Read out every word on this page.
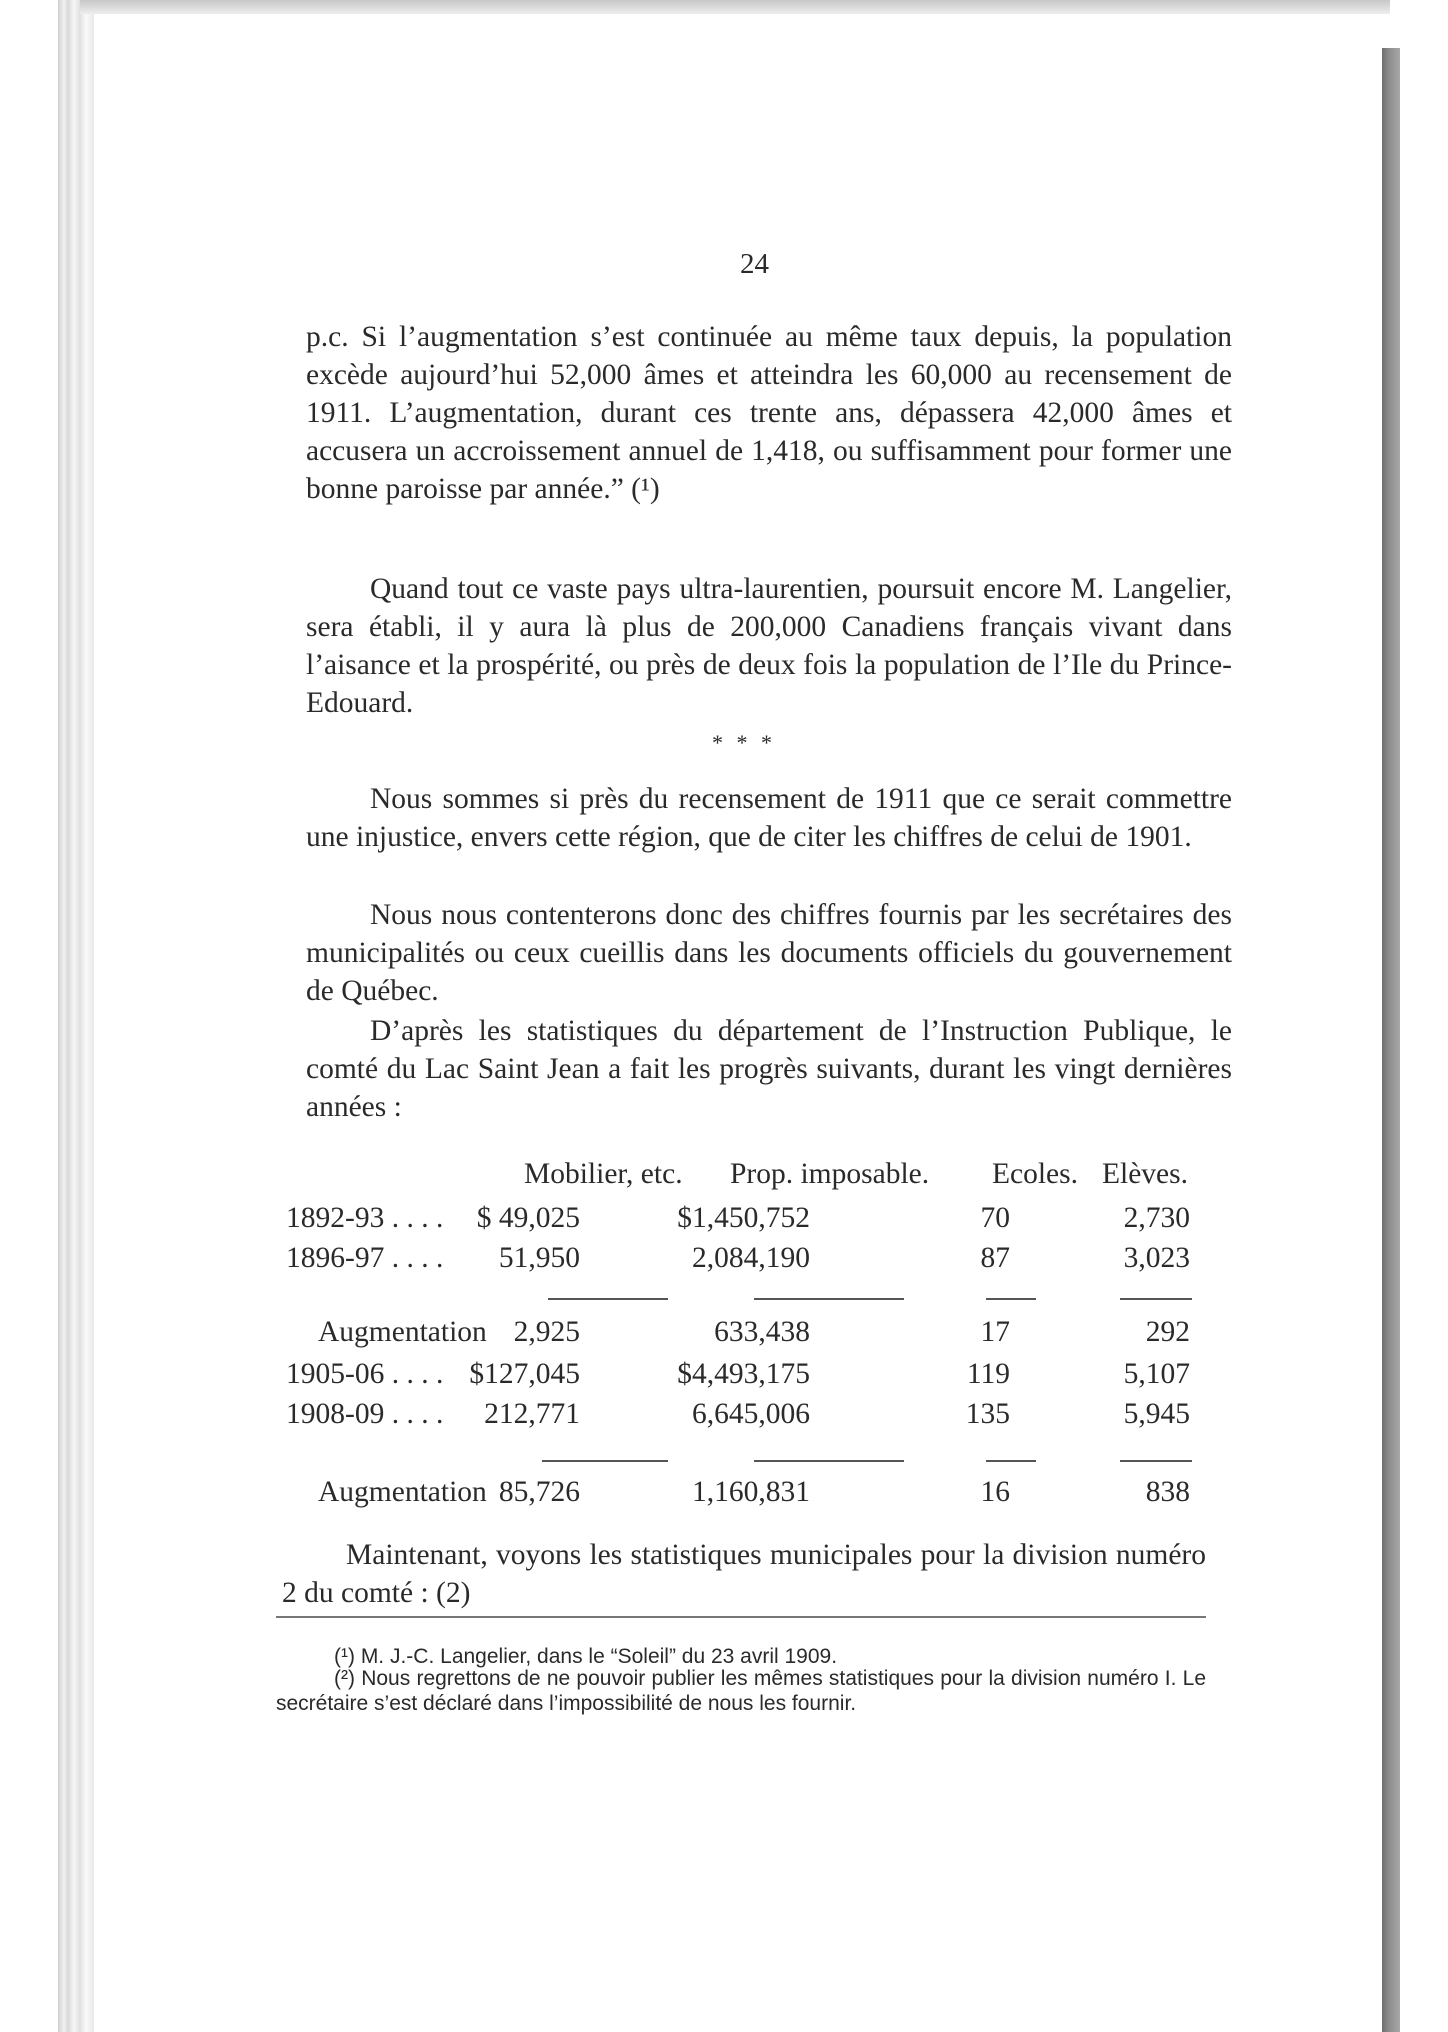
24
p.c. Si l’augmentation s’est continuée au même taux depuis, la population excède aujourd’hui 52,000 âmes et atteindra les 60,000 au recensement de 1911. L’augmentation, durant ces trente ans, dépassera 42,000 âmes et accusera un accroissement annuel de 1,418, ou suffisamment pour former une bonne paroisse par année.” (¹)
Quand tout ce vaste pays ultra-laurentien, poursuit encore M. Langelier, sera établi, il y aura là plus de 200,000 Canadiens français vivant dans l’aisance et la prospérité, ou près de deux fois la population de l’Ile du Prince-Edouard.
* * *
Nous sommes si près du recensement de 1911 que ce serait commettre une injustice, envers cette région, que de citer les chiffres de celui de 1901.
Nous nous contenterons donc des chiffres fournis par les secrétaires des municipalités ou ceux cueillis dans les documents officiels du gouvernement de Québec.
D’après les statistiques du département de l’Instruction Publique, le comté du Lac Saint Jean a fait les progrès suivants, durant les vingt dernières années :
Mobilier, etc. Prop. imposable. Ecoles. Elèves.
1892-93 . . . . $ 49,025	$1,450,752	70	2,730
1896-97 . . . . 51,950	2,084,190	87	3,023
Augmentation 2,925	633,438	17	292
1905-06 . . . . $127,045	$4,493,175	119	5,107
1908-09 . . . . 212,771	6,645,006	135	5,945
Augmentation 85,726	1,160,831	16	838
Maintenant, voyons les statistiques municipales pour la division numéro 2 du comté : (2)
(¹) M. J.-C. Langelier, dans le “Soleil” du 23 avril 1909.
(²) Nous regrettons de ne pouvoir publier les mêmes statistiques pour la division numéro I. Le secrétaire s’est déclaré dans l’impossibilité de nous les fournir.
